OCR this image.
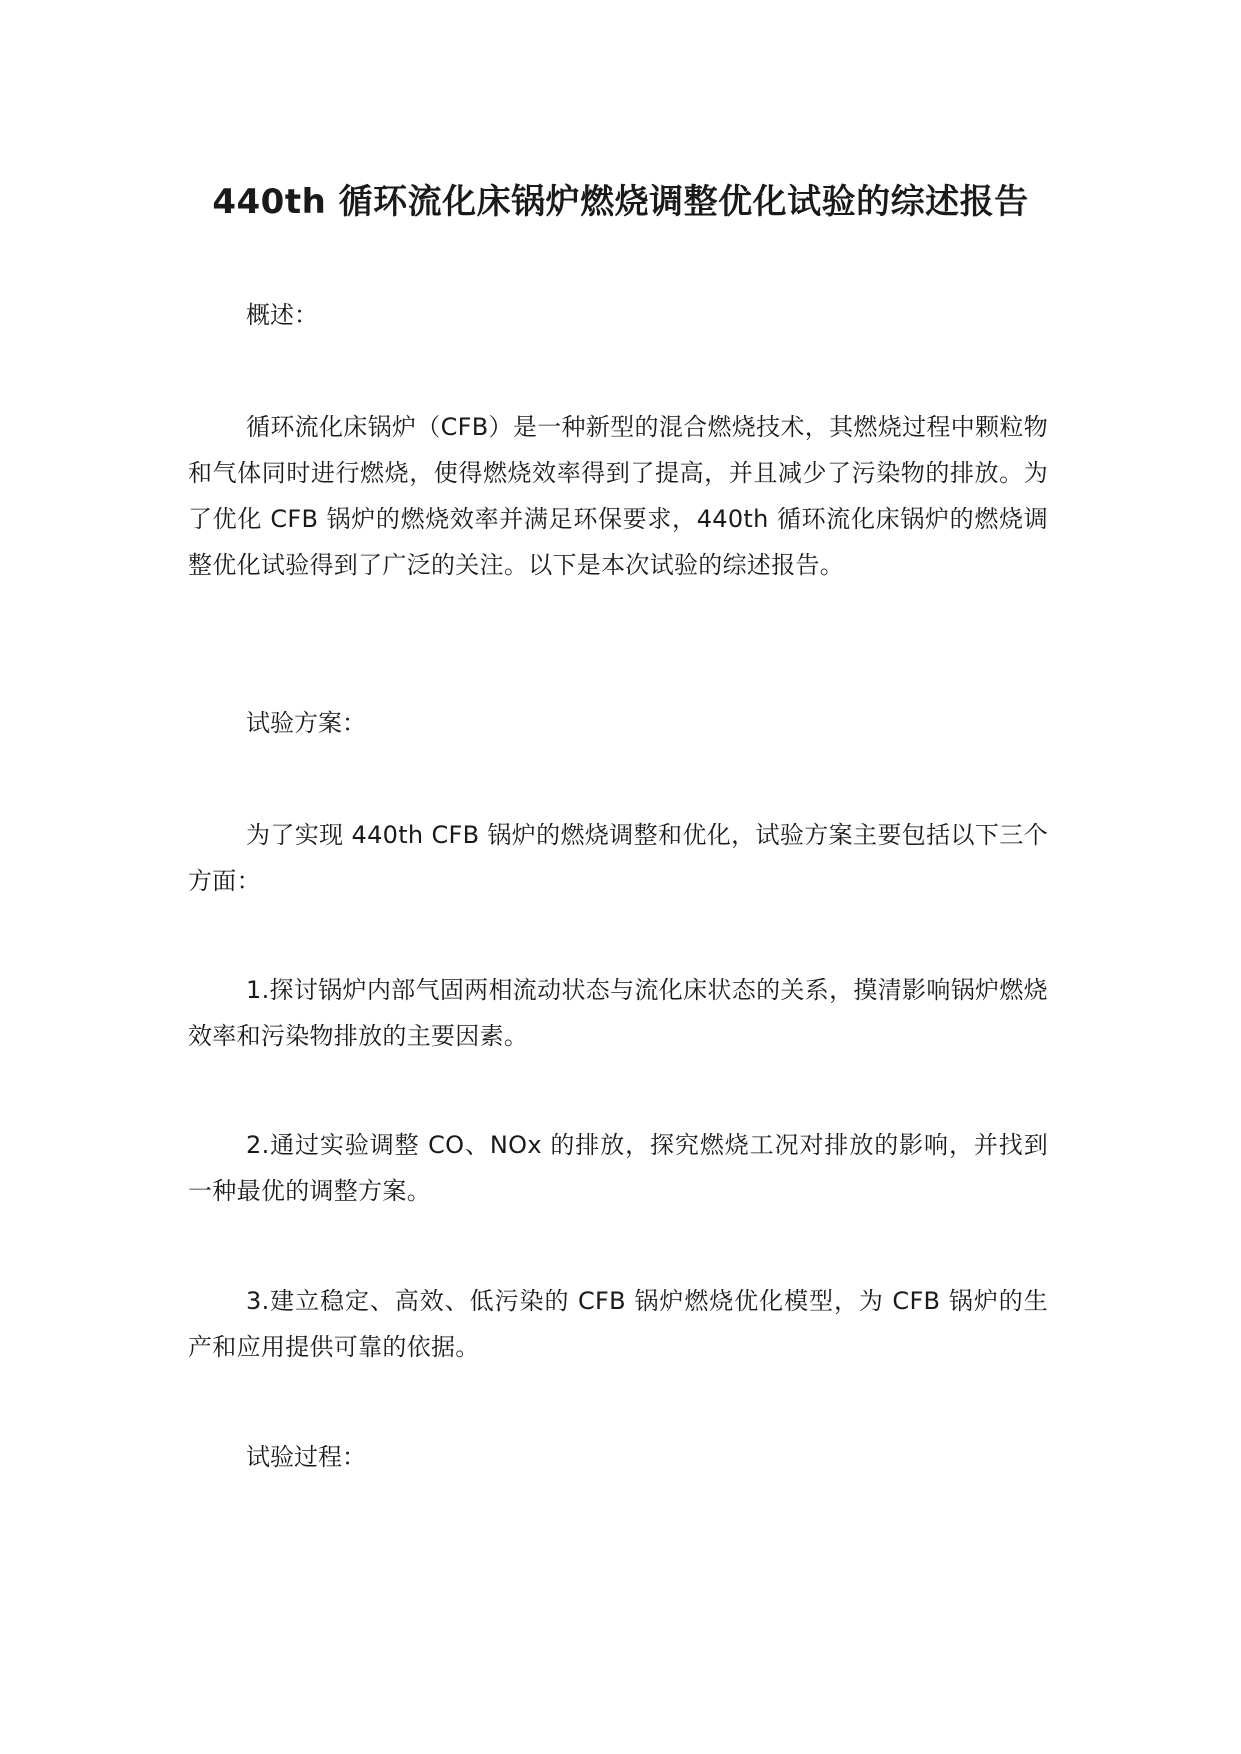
440th 循环流化床锅炉燃烧调整优化试验的综述报告
概述：
循环流化床锅炉（CFB）是一种新型的混合燃烧技术，其燃烧过程中颗粒物和气体同时进行燃烧，使得燃烧效率得到了提高，并且减少了污染物的排放。为了优化 CFB 锅炉的燃烧效率并满足环保要求，440th 循环流化床锅炉的燃烧调整优化试验得到了广泛的关注。以下是本次试验的综述报告。
试验方案：
为了实现 440th CFB 锅炉的燃烧调整和优化，试验方案主要包括以下三个方面：
1.探讨锅炉内部气固两相流动状态与流化床状态的关系，摸清影响锅炉燃烧效率和污染物排放的主要因素。
2.通过实验调整 CO、NOx 的排放，探究燃烧工况对排放的影响，并找到一种最优的调整方案。
3.建立稳定、高效、低污染的 CFB 锅炉燃烧优化模型，为 CFB 锅炉的生产和应用提供可靠的依据。
试验过程：
